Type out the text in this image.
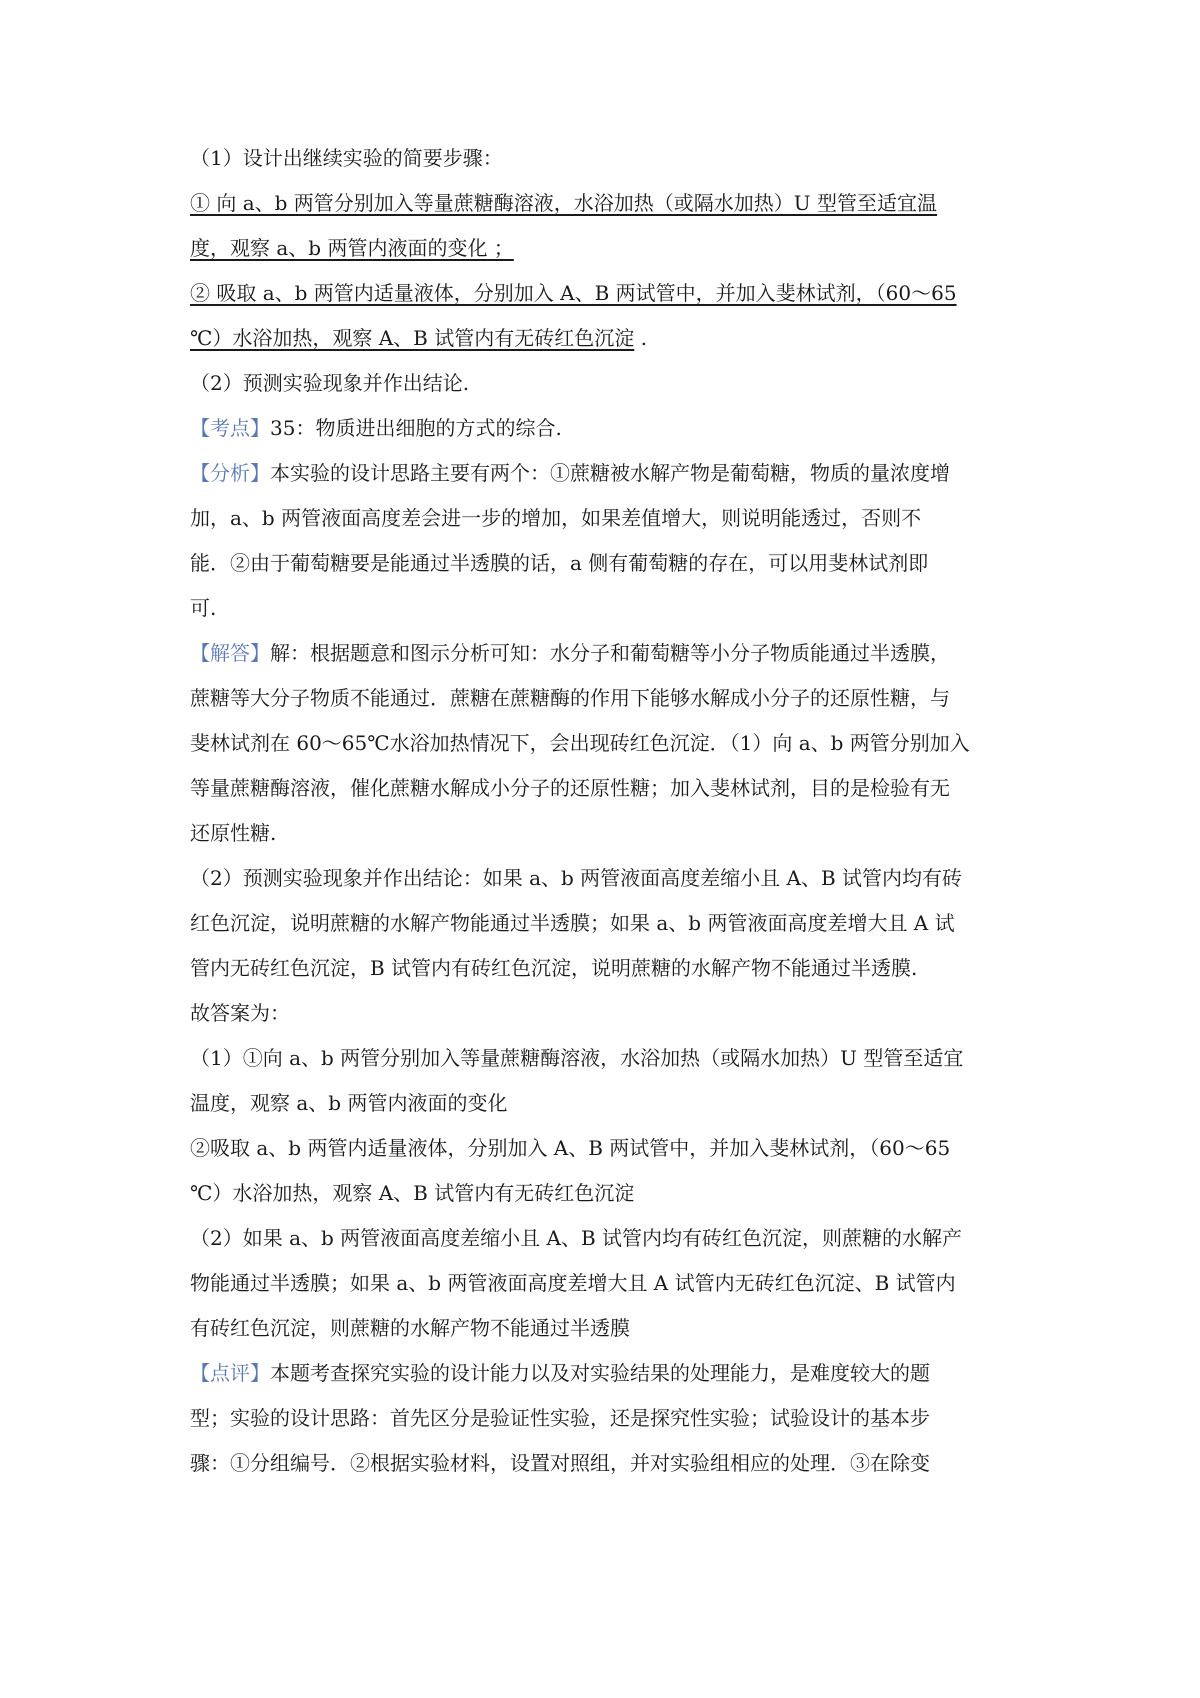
（1）设计出继续实验的简要步骤：
① 向 a、b 两管分别加入等量蔗糖酶溶液，水浴加热（或隔水加热）U 型管至适宜温
度，观察 a、b 两管内液面的变化 ；
② 吸取 a、b 两管内适量液体，分别加入 A、B 两试管中，并加入斐林试剂，（60～65
℃）水浴加热，观察 A、B 试管内有无砖红色沉淀 .
（2）预测实验现象并作出结论.
【考点】35：物质进出细胞的方式的综合.
【分析】本实验的设计思路主要有两个：①蔗糖被水解产物是葡萄糖，物质的量浓度增
加，a、b 两管液面高度差会进一步的增加，如果差值增大，则说明能透过，否则不
能．②由于葡萄糖要是能通过半透膜的话，a 侧有葡萄糖的存在，可以用斐林试剂即
可.
【解答】解：根据题意和图示分析可知：水分子和葡萄糖等小分子物质能通过半透膜，
蔗糖等大分子物质不能通过．蔗糖在蔗糖酶的作用下能够水解成小分子的还原性糖，与
斐林试剂在 60～65℃水浴加热情况下，会出现砖红色沉淀．（1）向 a、b 两管分别加入
等量蔗糖酶溶液，催化蔗糖水解成小分子的还原性糖；加入斐林试剂，目的是检验有无
还原性糖.
（2）预测实验现象并作出结论：如果 a、b 两管液面高度差缩小且 A、B 试管内均有砖
红色沉淀，说明蔗糖的水解产物能通过半透膜；如果 a、b 两管液面高度差增大且 A 试
管内无砖红色沉淀，B 试管内有砖红色沉淀，说明蔗糖的水解产物不能通过半透膜.
故答案为：
（1）①向 a、b 两管分别加入等量蔗糖酶溶液，水浴加热（或隔水加热）U 型管至适宜
温度，观察 a、b 两管内液面的变化
②吸取 a、b 两管内适量液体，分别加入 A、B 两试管中，并加入斐林试剂，（60～65
℃）水浴加热，观察 A、B 试管内有无砖红色沉淀
（2）如果 a、b 两管液面高度差缩小且 A、B 试管内均有砖红色沉淀，则蔗糖的水解产
物能通过半透膜；如果 a、b 两管液面高度差增大且 A 试管内无砖红色沉淀、B 试管内
有砖红色沉淀，则蔗糖的水解产物不能通过半透膜
【点评】本题考查探究实验的设计能力以及对实验结果的处理能力，是难度较大的题
型；实验的设计思路：首先区分是验证性实验，还是探究性实验；试验设计的基本步
骤：①分组编号．②根据实验材料，设置对照组，并对实验组相应的处理．③在除变
